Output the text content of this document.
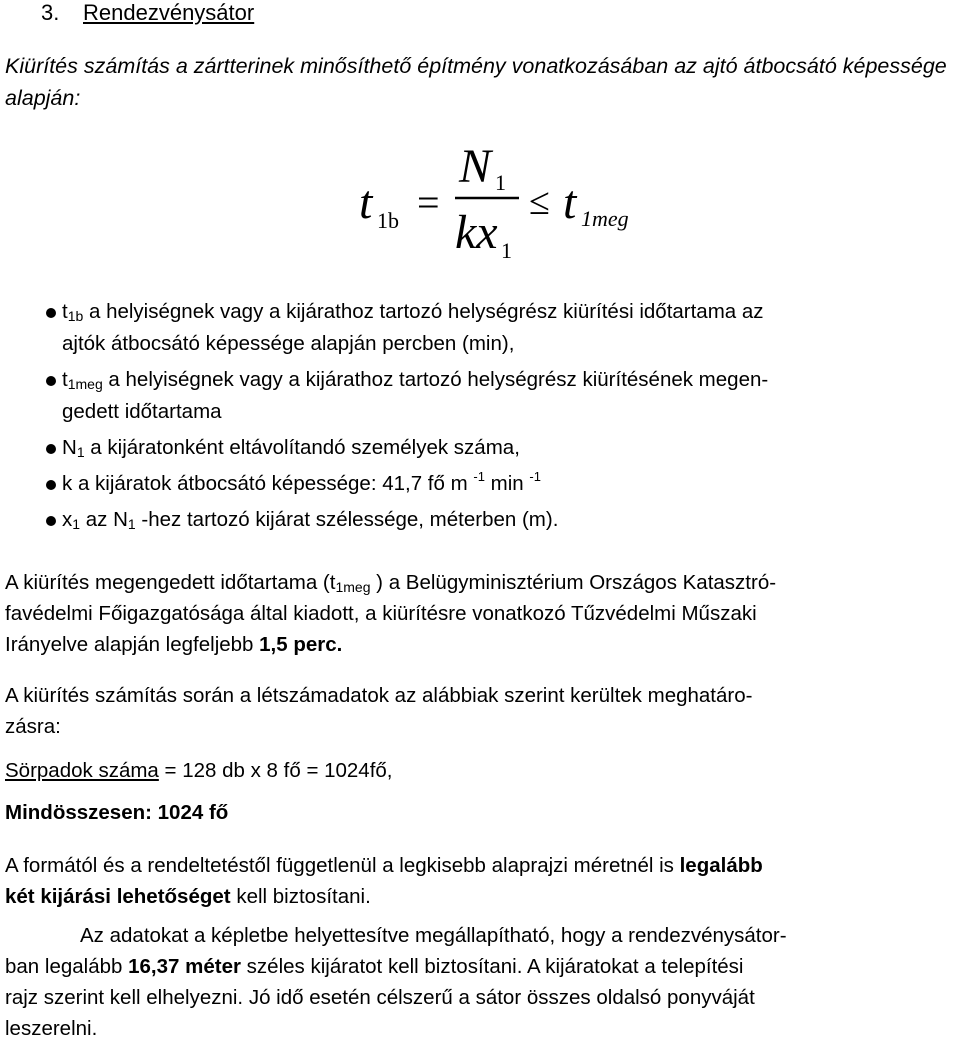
3. Rendezvénysátor
Kiürítés számítás a zártterinek minősíthető építmény vonatkozásában az ajtó átbocsátó képessége alapján:
t 1b =
N 1
kx 1
≤ t 1meg
$t_{1b}$ a helyiségnek vagy a kijárathoz tartozó helységrész kiürítési időtartama az
ajtók átbocsátó képessége alapján percben (min),
$t_{1meg}$ a helyiségnek vagy a kijárathoz tartozó helységrész kiürítésének megen-
gedett időtartama
$N_1$ a kijáratonként eltávolítandó személyek száma,
k a kijáratok átbocsátó képessége: 41,7 fő m $^{-1}$ min $^{-1}$
$x_1$ az $N_1$ -hez tartozó kijárat szélessége, méterben (m).
A kiürítés megengedett időtartama ($t_{1meg}$ ) a Belügyminisztérium Országos Katasztró-
favédelmi Főigazgatósága által kiadott, a kiürítésre vonatkozó Tűzvédelmi Műszaki
Irányelve alapján legfeljebb 1,5 perc.
A kiürítés számítás során a létszámadatok az alábbiak szerint kerültek meghatáro-
zásra:
Sörpadok száma = 128 db x 8 fő = 1024fő,
Mindösszesen: 1024 fő
A formától és a rendeltetéstől függetlenül a legkisebb alaprajzi méretnél is legalább
két kijárási lehetőséget kell biztosítani.
Az adatokat a képletbe helyettesítve megállapítható, hogy a rendezvénysátor-
ban legalább 16,37 méter széles kijáratot kell biztosítani. A kijáratokat a telepítési
rajz szerint kell elhelyezni. Jó idő esetén célszerű a sátor összes oldalsó ponyváját
leszerelni.
